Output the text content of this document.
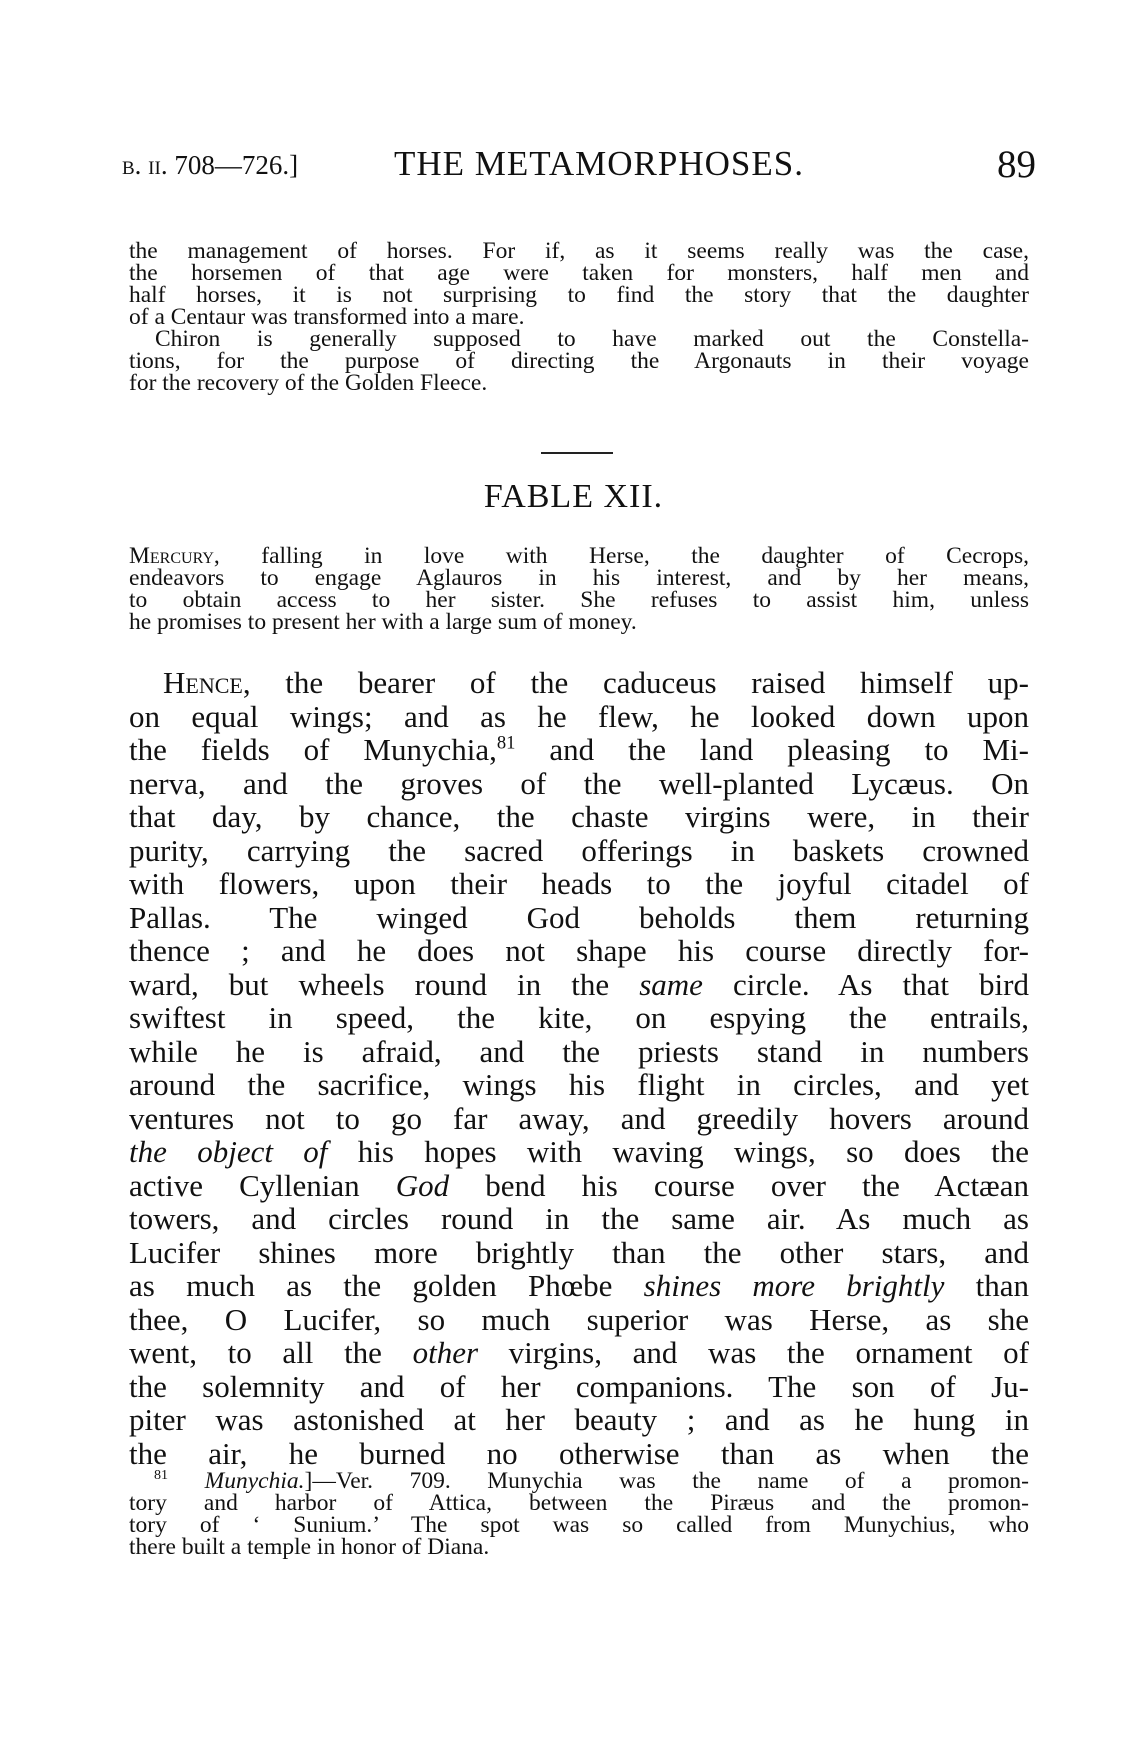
b. ii. 708—726.]	THE METAMORPHOSES.	89

the management of horses. For if, as it seems really was the case,

the horsemen of that age were taken for monsters, half men and

half horses, it is not surprising to find the story that the daughter

of a Centaur was transformed into a mare.

Chiron is generally supposed to have marked out the Constella-

tions, for the purpose of directing the Argonauts in their voyage

for the recovery of the Golden Fleece.

FABLE XII.

Mercury, falling in love with Herse, the daughter of Cecrops,

endeavors to engage Aglauros in his interest, and by her means,

to obtain access to her sister. She refuses to assist him, unless

he promises to present her with a large sum of money.

Hence, the bearer of the caduceus raised himself up-

on equal wings; and as he flew, he looked down upon

the fields of Munychia,$^{81}$ and the land pleasing to Mi-

nerva, and the groves of the well-planted Lycæus. On

that day, by chance, the chaste virgins were, in their

purity, carrying the sacred offerings in baskets crowned

with flowers, upon their heads to the joyful citadel of

Pallas. The winged God beholds them returning

thence ; and he does not shape his course directly for-

ward, but wheels round in the same circle. As that bird

swiftest in speed, the kite, on espying the entrails,

while he is afraid, and the priests stand in numbers

around the sacrifice, wings his flight in circles, and yet

ventures not to go far away, and greedily hovers around

the object of his hopes with waving wings, so does the

active Cyllenian God bend his course over the Actæan

towers, and circles round in the same air. As much as

Lucifer shines more brightly than the other stars, and

as much as the golden Phœbe shines more brightly than

thee, O Lucifer, so much superior was Herse, as she

went, to all the other virgins, and was the ornament of

the solemnity and of her companions. The son of Ju-

piter was astonished at her beauty ; and as he hung in

the air, he burned no otherwise than as when the

$^{81}$ Munychia.]—Ver. 709. Munychia was the name of a promon-

tory and harbor of Attica, between the Piræus and the promon-

tory of ‘ Sunium.’ The spot was so called from Munychius, who

there built a temple in honor of Diana.
